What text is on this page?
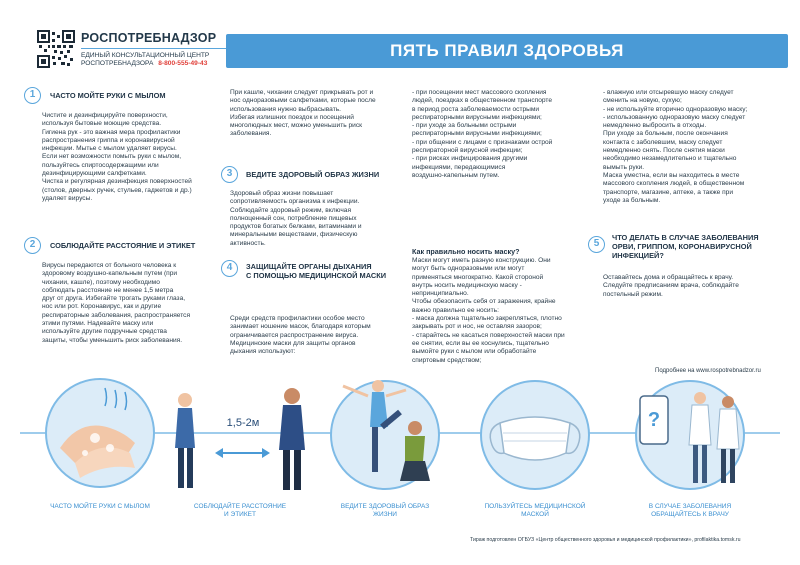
РОСПОТРЕБНАДЗОР
ЕДИНЫЙ КОНСУЛЬТАЦИОННЫЙ ЦЕНТР
РОСПОТРЕБНАДЗОРА 8-800-555-49-43
ПЯТЬ ПРАВИЛ ЗДОРОВЬЯ
1	ЧАСТО МОЙТЕ РУКИ С МЫЛОМ
Чистите и дезинфицируйте поверхности,
используя бытовые моющие средства.
Гигиена рук - это важная мера профилактики
распространения гриппа и коронавирусной
инфекции. Мытье с мылом удаляет вирусы.
Если нет возможности помыть руки с мылом,
пользуйтесь спиртосодержащими или
дезинфицирующими салфетками.
Чистка и регулярная дезинфекция поверхностей
(столов, дверных ручек, стульев, гаджетов и др.)
удаляет вирусы.
2	СОБЛЮДАЙТЕ РАССТОЯНИЕ И ЭТИКЕТ
Вирусы передаются от больного человека к
здоровому воздушно-капельным путем (при
чихании, кашле), поэтому необходимо
соблюдать расстояние не менее 1,5 метра
друг от друга. Избегайте трогать руками глаза,
нос или рот. Коронавирус, как и другие
респираторные заболевания, распространяется
этими путями. Надевайте маску или
используйте другие подручные средства
защиты, чтобы уменьшить риск заболевания.
При кашле, чихании следует прикрывать рот и
нос одноразовыми салфетками, которые после
использования нужно выбрасывать.
Избегая излишних поездок и посещений
многолюдных мест, можно уменьшить риск
заболевания.
3	ВЕДИТЕ ЗДОРОВЫЙ ОБРАЗ ЖИЗНИ
Здоровый образ жизни повышает
сопротивляемость организма к инфекции.
Соблюдайте здоровый режим, включая
полноценный сон, потребление пищевых
продуктов богатых белками, витаминами и
минеральными веществами, физическую
активность.
4	ЗАЩИЩАЙТЕ ОРГАНЫ ДЫХАНИЯ
С ПОМОЩЬЮ МЕДИЦИНСКОЙ МАСКИ
Среди средств профилактики особое место
занимает ношение масок, благодаря которым
ограничивается распространение вируса.
Медицинские маски для защиты органов
дыхания используют:
- при посещении мест массового скопления
людей, поездках в общественном транспорте
в период роста заболеваемости острыми
респираторными вирусными инфекциями;
- при уходе за больными острыми
респираторными вирусными инфекциями;
- при общении с лицами с признаками острой
респираторной вирусной инфекции;
- при рисках инфицирования другими
инфекциями, передающимися
воздушно-капельным путем.
Как правильно носить маску?
Маски могут иметь разную конструкцию. Они
могут быть одноразовыми или могут
применяться многократно. Какой стороной
внутрь носить медицинскую маску -
непринципиально.
Чтобы обезопасить себя от заражения, крайне
важно правильно ее носить:
- маска должна тщательно закрепляться, плотно
закрывать рот и нос, не оставляя зазоров;
- старайтесь не касаться поверхностей маски при
ее снятии, если вы ее коснулись, тщательно
вымойте руки с мылом или обработайте
спиртовым средством;
- влажную или отсыревшую маску следует
сменить на новую, сухую;
- не используйте вторично одноразовую маску;
- использованную одноразовую маску следует
немедленно выбросить в отходы.
При уходе за больным, после окончания
контакта с заболевшим, маску следует
немедленно снять. После снятия маски
необходимо незамедлительно и тщательно
вымыть руки.
Маска уместна, если вы находитесь в месте
массового скопления людей, в общественном
транспорте, магазине, аптеке, а также при
уходе за больным.
5
ЧТО ДЕЛАТЬ В СЛУЧАЕ ЗАБОЛЕВАНИЯ
ОРВИ, ГРИППОМ, КОРОНАВИРУСНОЙ
ИНФЕКЦИЕЙ?
Оставайтесь дома и обращайтесь к врачу.
Следуйте предписаниям врача, соблюдайте
постельный режим.
Подробнее на www.rospotrebnadzor.ru
?
1,5-2м
ЧАСТО МОЙТЕ РУКИ С МЫЛОМ	СОБЛЮДАЙТЕ РАССТОЯНИЕ
И ЭТИКЕТ
ВЕДИТЕ ЗДОРОВЫЙ ОБРАЗ
ЖИЗНИ
ПОЛЬЗУЙТЕСЬ МЕДИЦИНСКОЙ
МАСКОЙ
В СЛУЧАЕ ЗАБОЛЕВАНИЯ
ОБРАЩАЙТЕСЬ К ВРАЧУ
Тираж подготовлен ОГБУЗ «Центр общественного здоровья и медицинской профилактики», profilaktika.tomsk.ru
